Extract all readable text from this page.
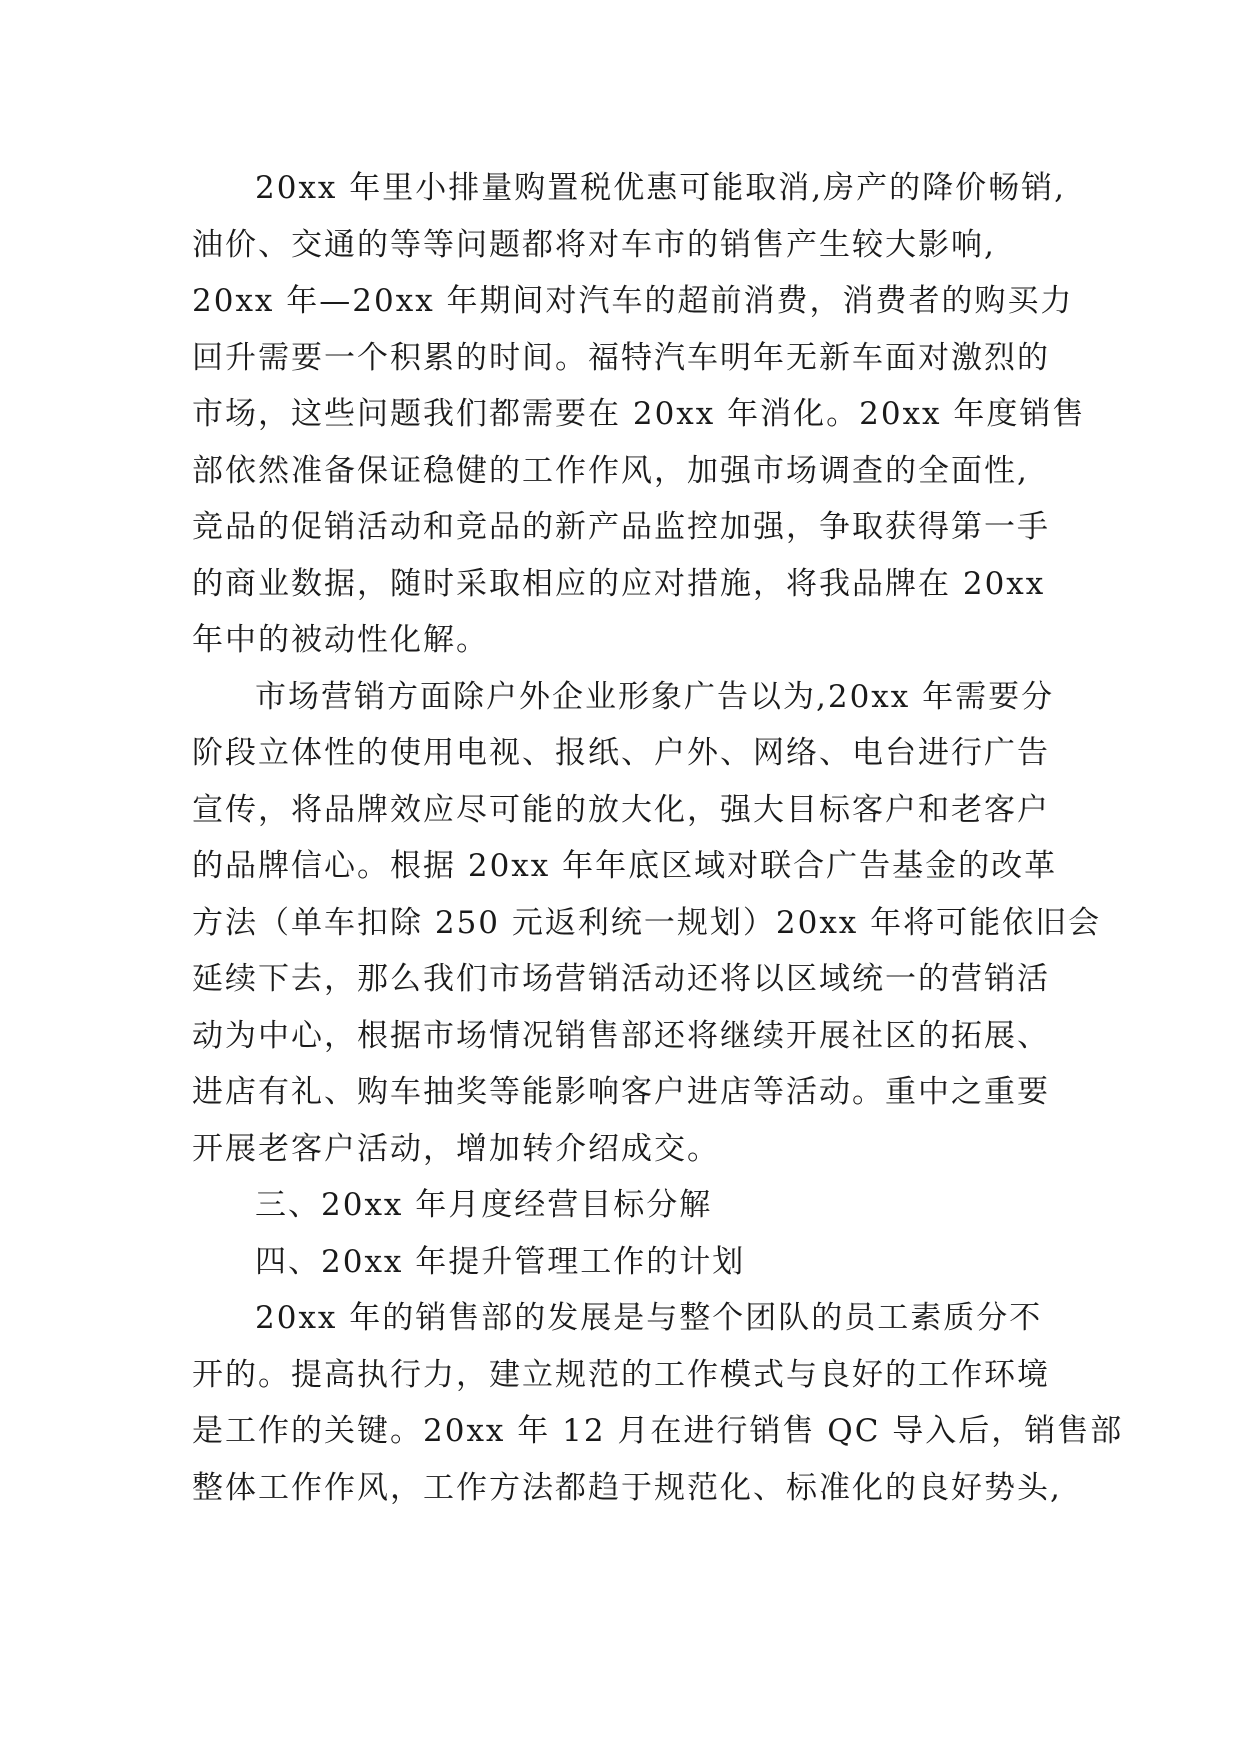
20xx 年里小排量购置税优惠可能取消,房产的降价畅销,

油价、交通的等等问题都将对车市的销售产生较大影响,

20xx 年—20xx 年期间对汽车的超前消费，消费者的购买力

回升需要一个积累的时间。福特汽车明年无新车面对激烈的

市场，这些问题我们都需要在 20xx 年消化。20xx 年度销售

部依然准备保证稳健的工作作风，加强市场调查的全面性,

竞品的促销活动和竞品的新产品监控加强，争取获得第一手

的商业数据，随时采取相应的应对措施，将我品牌在 20xx

年中的被动性化解。

市场营销方面除户外企业形象广告以为,20xx 年需要分

阶段立体性的使用电视、报纸、户外、网络、电台进行广告

宣传，将品牌效应尽可能的放大化，强大目标客户和老客户

的品牌信心。根据 20xx 年年底区域对联合广告基金的改革

方法（单车扣除 250 元返利统一规划）20xx 年将可能依旧会

延续下去，那么我们市场营销活动还将以区域统一的营销活

动为中心，根据市场情况销售部还将继续开展社区的拓展、

进店有礼、购车抽奖等能影响客户进店等活动。重中之重要

开展老客户活动，增加转介绍成交。

三、20xx 年月度经营目标分解

四、20xx 年提升管理工作的计划

20xx 年的销售部的发展是与整个团队的员工素质分不

开的。提高执行力，建立规范的工作模式与良好的工作环境

是工作的关键。20xx 年 12 月在进行销售 QC 导入后，销售部

整体工作作风，工作方法都趋于规范化、标准化的良好势头,
